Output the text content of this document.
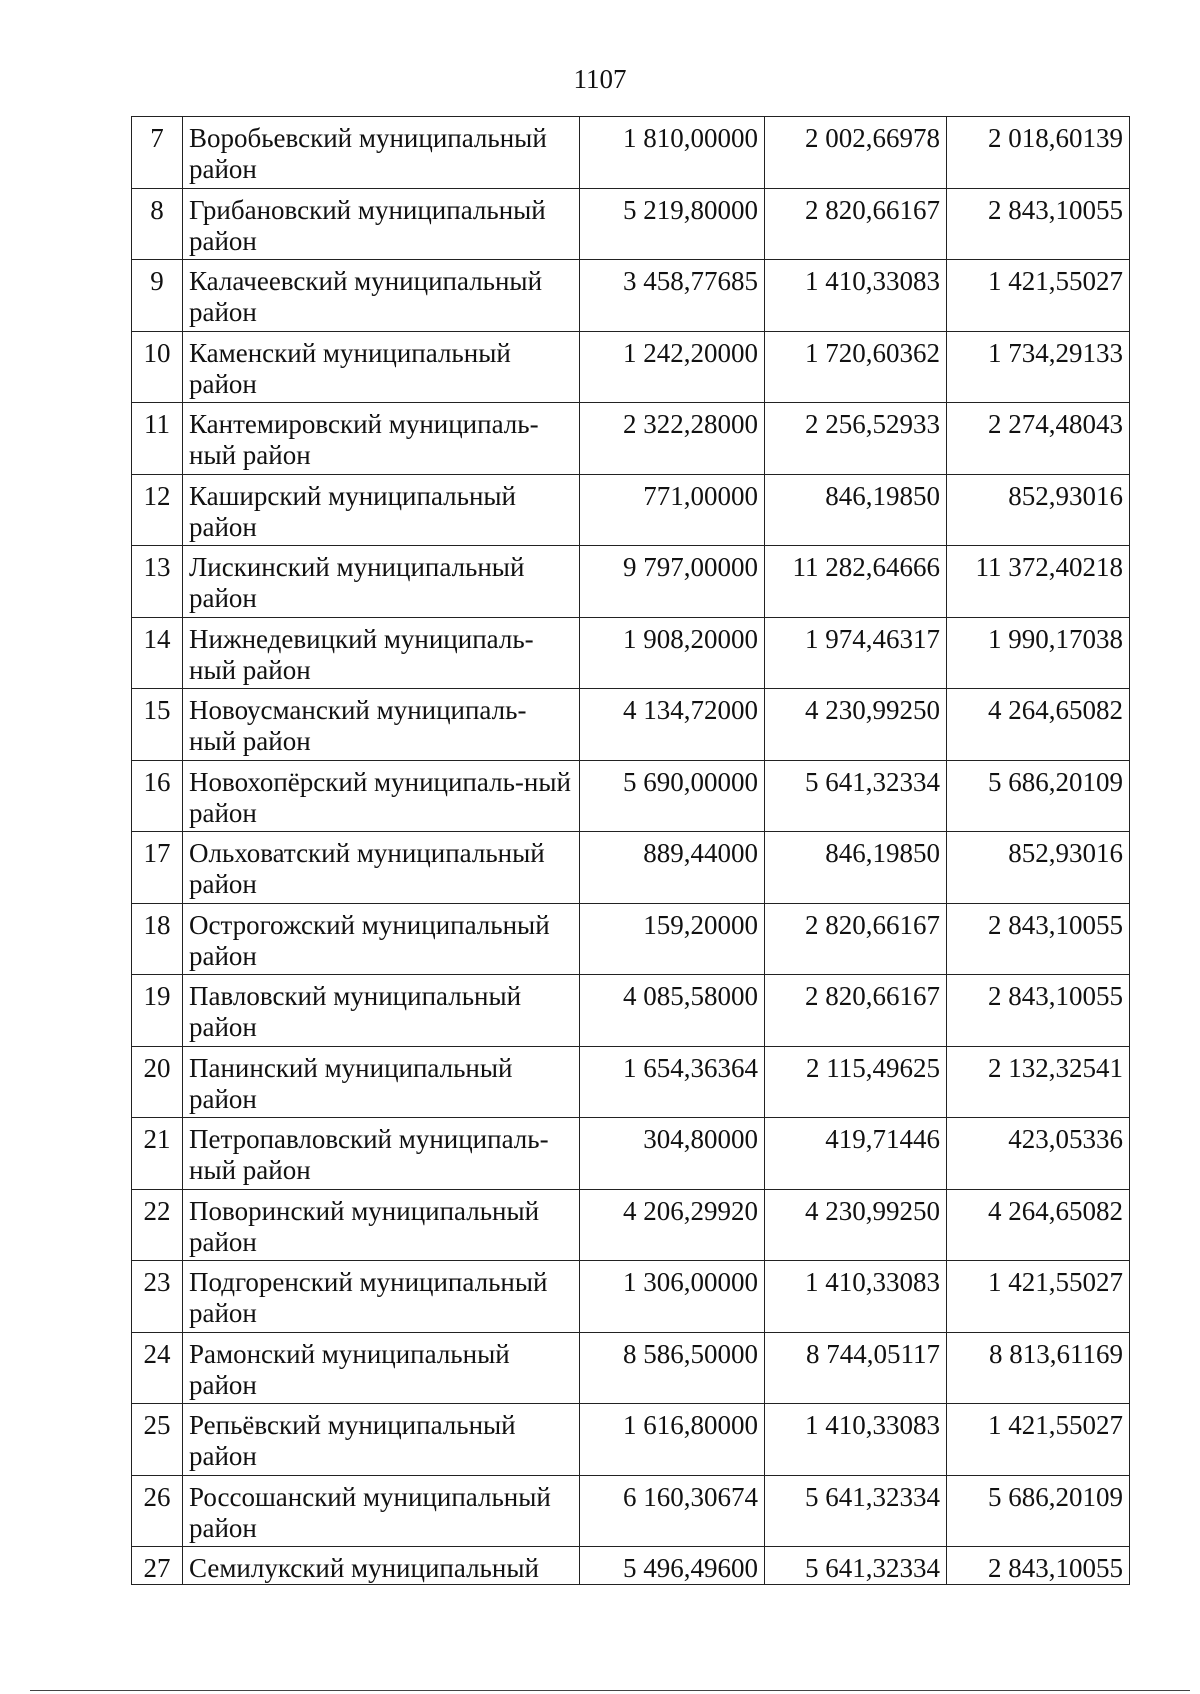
1107
7	Воробьевский муниципальный район	1 810,00000	2 002,66978	2 018,60139
8	Грибановский муниципальный район	5 219,80000	2 820,66167	2 843,10055
9	Калачеевский муниципальный район	3 458,77685	1 410,33083	1 421,55027
10	Каменский муниципальный район	1 242,20000	1 720,60362	1 734,29133
11	Кантемировский муниципаль-ный район	2 322,28000	2 256,52933	2 274,48043
12	Каширский муниципальный район	771,00000	846,19850	852,93016
13	Лискинский муниципальный район	9 797,00000	11 282,64666	11 372,40218
14	Нижнедевицкий муниципаль-ный район	1 908,20000	1 974,46317	1 990,17038
15	Новоусманский муниципаль-ный район	4 134,72000	4 230,99250	4 264,65082
16	Новохопёрский муниципаль-ный район	5 690,00000	5 641,32334	5 686,20109
17	Ольховатский муниципальный район	889,44000	846,19850	852,93016
18	Острогожский муниципальный район	159,20000	2 820,66167	2 843,10055
19	Павловский муниципальный район	4 085,58000	2 820,66167	2 843,10055
20	Панинский муниципальный район	1 654,36364	2 115,49625	2 132,32541
21	Петропавловский муниципаль-ный район	304,80000	419,71446	423,05336
22	Поворинский муниципальный район	4 206,29920	4 230,99250	4 264,65082
23	Подгоренский муниципальный район	1 306,00000	1 410,33083	1 421,55027
24	Рамонский муниципальный район	8 586,50000	8 744,05117	8 813,61169
25	Репьёвский муниципальный район	1 616,80000	1 410,33083	1 421,55027
26	Россошанский муниципальный район	6 160,30674	5 641,32334	5 686,20109
27	Семилукский муниципальный	5 496,49600	5 641,32334	2 843,10055
